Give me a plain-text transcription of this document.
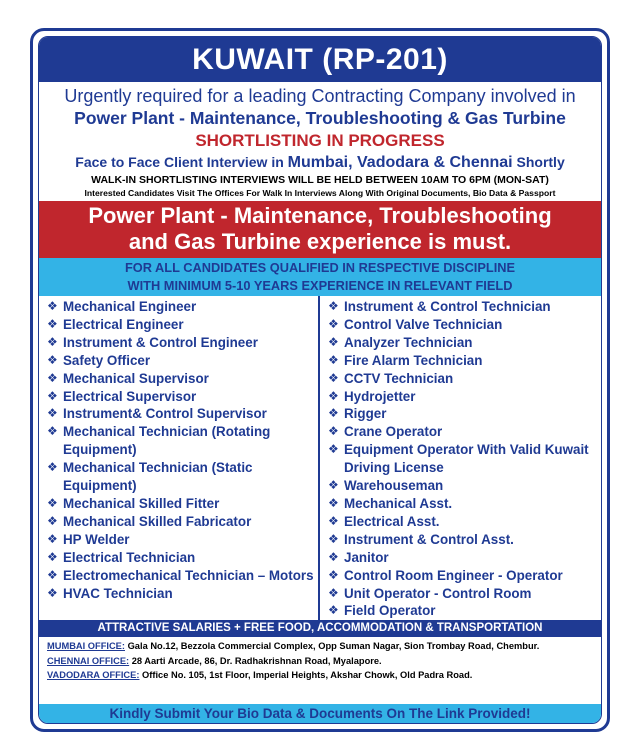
KUWAIT (RP-201)
Urgently required for a leading Contracting Company involved in
Power Plant - Maintenance, Troubleshooting & Gas Turbine
SHORTLISTING IN PROGRESS
Face to Face Client Interview in Mumbai, Vadodara & Chennai Shortly
WALK-IN SHORTLISTING INTERVIEWS WILL BE HELD BETWEEN 10AM TO 6PM (MON-SAT)
Interested Candidates Visit The Offices For Walk In Interviews Along With Original Documents, Bio Data & Passport
Power Plant - Maintenance, Troubleshooting
and Gas Turbine experience is must.
FOR ALL CANDIDATES QUALIFIED IN RESPECTIVE DISCIPLINE
WITH MINIMUM 5-10 YEARS EXPERIENCE IN RELEVANT FIELD
❖ Mechanical Engineer
❖ Electrical Engineer
❖ Instrument & Control Engineer
❖ Safety Officer
❖ Mechanical Supervisor
❖ Electrical Supervisor
❖ Instrument& Control Supervisor
❖ Mechanical Technician (Rotating Equipment)
❖ Mechanical Technician (Static Equipment)
❖ Mechanical Skilled Fitter
❖ Mechanical Skilled Fabricator
❖ HP Welder
❖ Electrical Technician
❖ Electromechanical Technician – Motors
❖ HVAC Technician
❖ Instrument & Control Technician
❖ Control Valve Technician
❖ Analyzer Technician
❖ Fire Alarm Technician
❖ CCTV Technician
❖ Hydrojetter
❖ Rigger
❖ Crane Operator
❖ Equipment Operator With Valid Kuwait Driving License
❖ Warehouseman
❖ Mechanical Asst.
❖ Electrical Asst.
❖ Instrument & Control Asst.
❖ Janitor
❖ Control Room Engineer - Operator
❖ Unit Operator - Control Room
❖ Field Operator
ATTRACTIVE SALARIES + FREE FOOD, ACCOMMODATION & TRANSPORTATION
MUMBAI OFFICE: Gala No.12, Bezzola Commercial Complex, Opp Suman Nagar, Sion Trombay Road, Chembur.
CHENNAI OFFICE: 28 Aarti Arcade, 86, Dr. Radhakrishnan Road, Myalapore.
VADODARA OFFICE: Office No. 105, 1st Floor, Imperial Heights, Akshar Chowk, Old Padra Road.
Kindly Submit Your Bio Data & Documents On The Link Provided!
